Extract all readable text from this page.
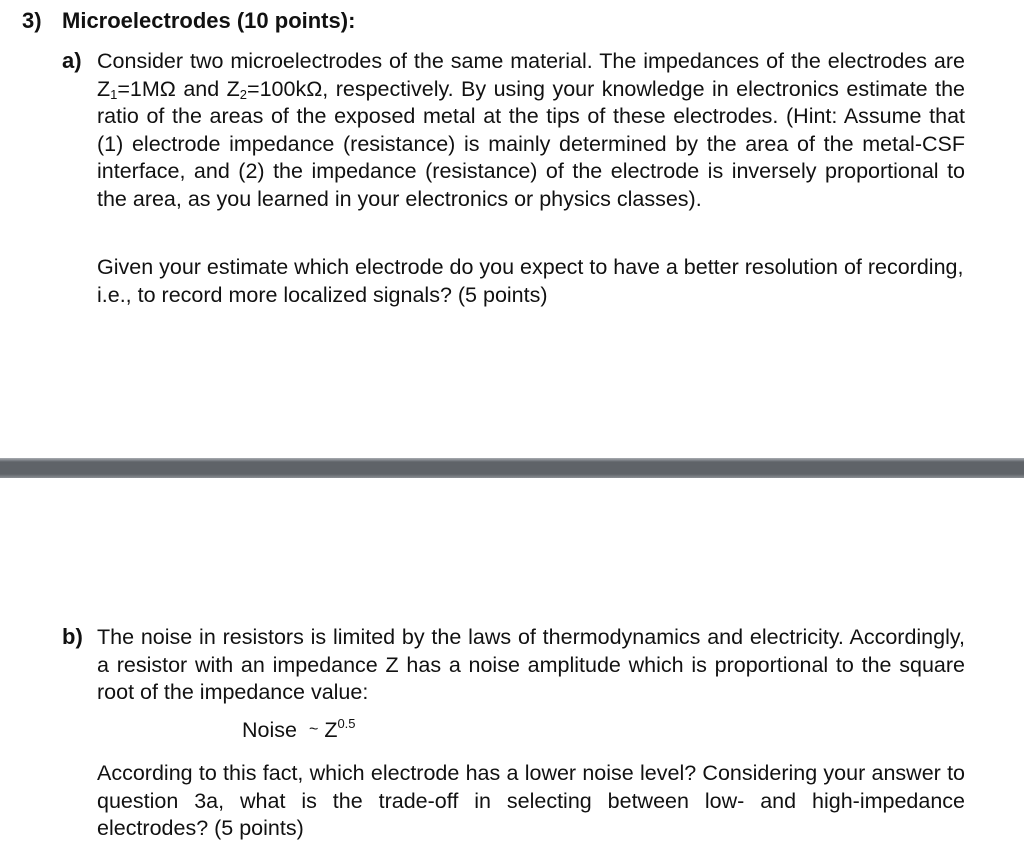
3) Microelectrodes (10 points):
a) Consider two microelectrodes of the same material. The impedances of the electrodes are $Z_1=1M\Omega$ and $Z_2=100k\Omega$, respectively. By using your knowledge in electronics estimate the ratio of the areas of the exposed metal at the tips of these electrodes. (Hint: Assume that (1) electrode impedance (resistance) is mainly determined by the area of the metal-CSF interface, and (2) the impedance (resistance) of the electrode is inversely proportional to the area, as you learned in your electronics or physics classes).
Given your estimate which electrode do you expect to have a better resolution of recording, i.e., to record more localized signals? (5 points)
b) The noise in resistors is limited by the laws of thermodynamics and electricity. Accordingly, a resistor with an impedance Z has a noise amplitude which is proportional to the square root of the impedance value:
Noise ~ $Z^{0.5}$
According to this fact, which electrode has a lower noise level? Considering your answer to question 3a, what is the trade-off in selecting between low- and high-impedance electrodes? (5 points)
